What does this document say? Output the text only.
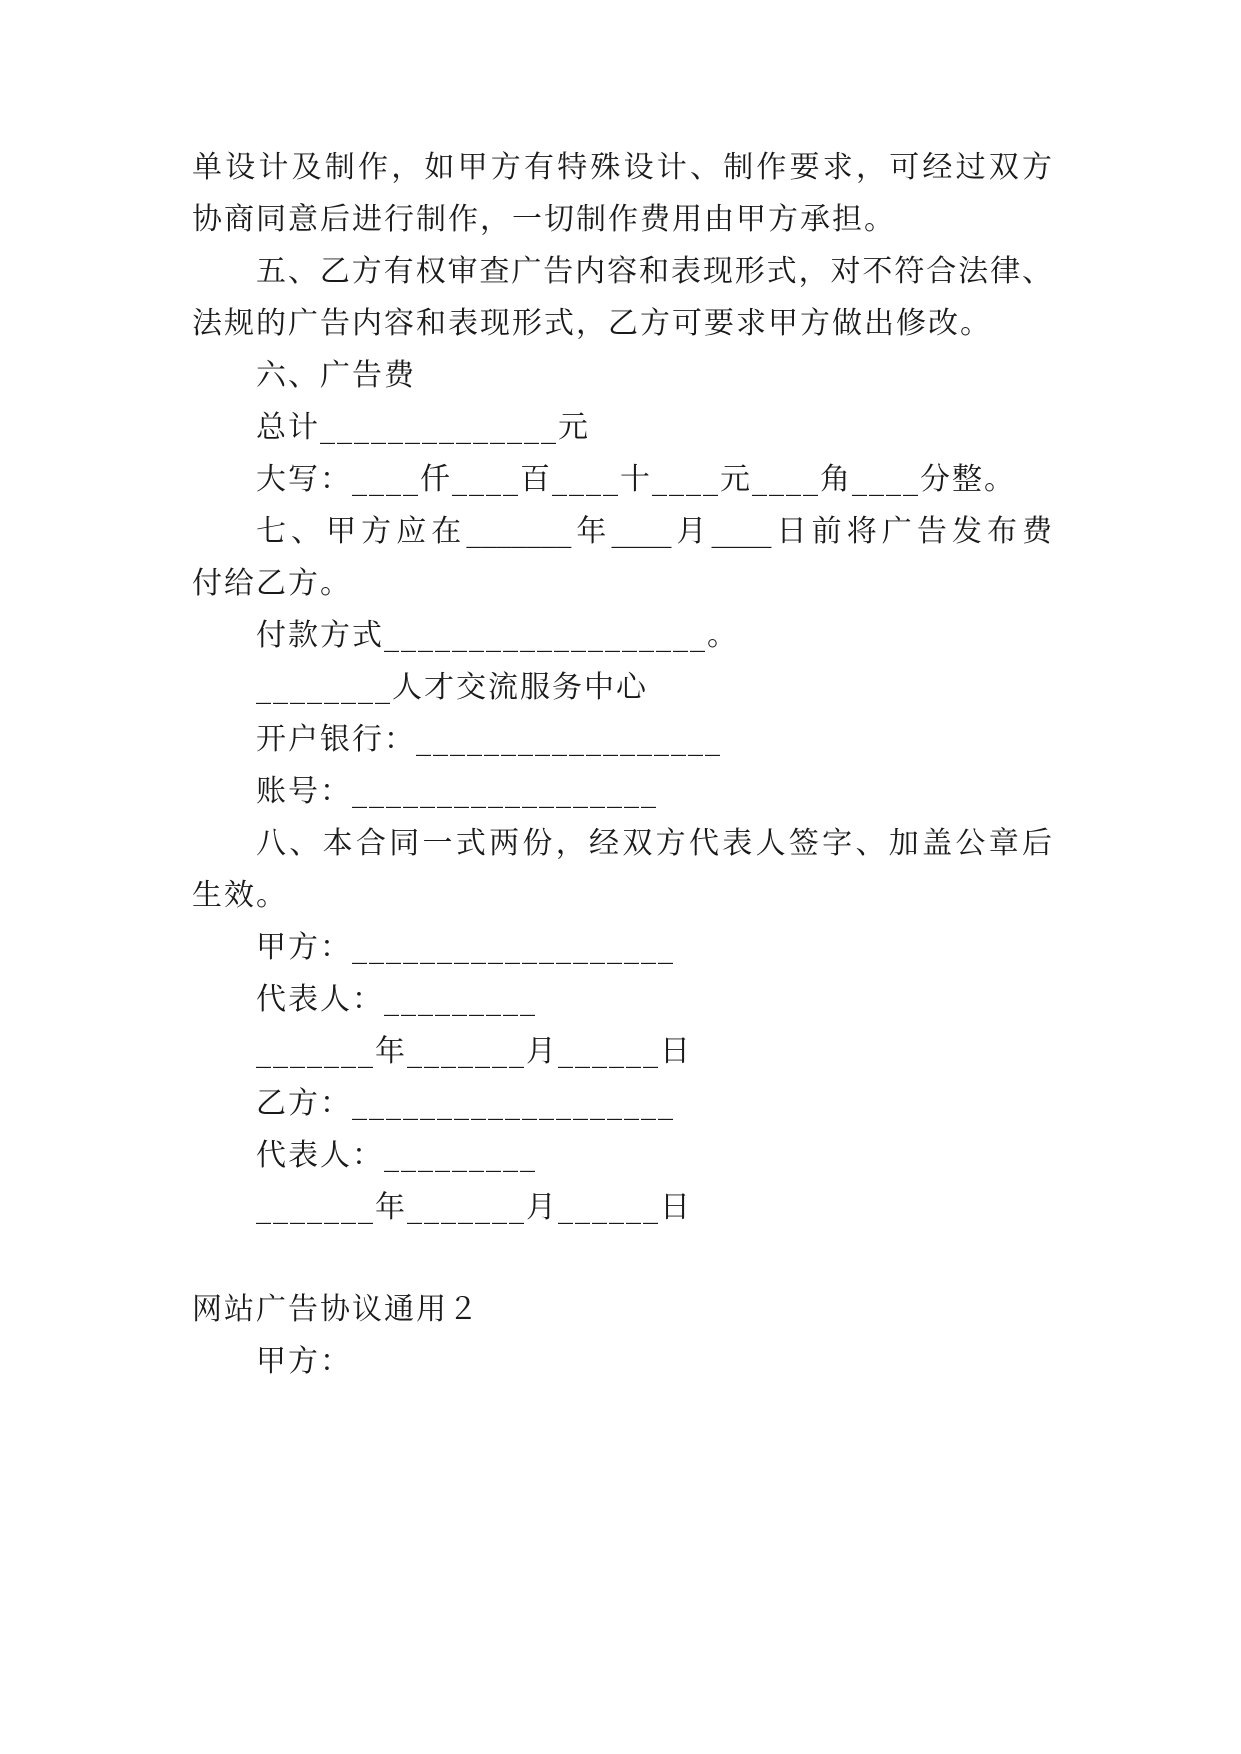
单设计及制作，如甲方有特殊设计、制作要求，可经过双方
协商同意后进行制作，一切制作费用由甲方承担。
五、乙方有权审查广告内容和表现形式，对不符合法律、
法规的广告内容和表现形式，乙方可要求甲方做出修改。
六、广告费
总计______________元
大写：____仟____百____十____元____角____分整。
七、甲方应在_______年____月____日前将广告发布费
付给乙方。
付款方式___________________。
________人才交流服务中心
开户银行：__________________
账号：__________________
八、本合同一式两份，经双方代表人签字、加盖公章后
生效。
甲方：___________________
代表人：_________
_______年_______月______日
乙方：___________________
代表人：_________
_______年_______月______日
网站广告协议通用２
甲方：
